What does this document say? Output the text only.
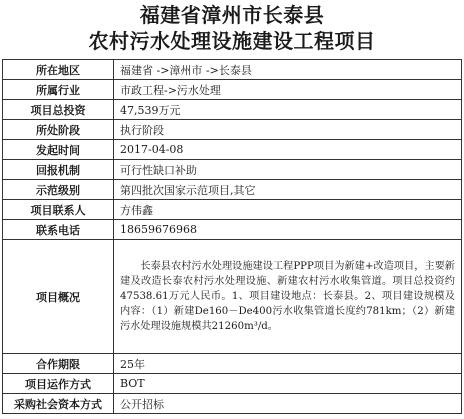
福建省漳州市长泰县
农村污水处理设施建设工程项目
所在地区	福建省 ->漳州市 ->长泰县
所属行业	市政工程->污水处理
项目总投资	47,539万元
所处阶段	执行阶段
发起时间	2017-04-08
回报机制	可行性缺口补助
示范级别	第四批次国家示范项目,其它
项目联系人	方伟鑫
联系电话	18659676968
项目概况	长泰县农村污水处理设施建设工程PPP项目为新建+改造项目，主要新建及改造长泰农村污水处理设施、新建农村污水收集管道。项目总投资约47538.61万元人民币。1、项目建设地点：长泰县。2、项目建设规模及内容：（1）新建De160－De400污水收集管道长度约781km；（2）新建污水处理设施规模共21260m³/d。
合作期限	25年
项目运作方式	BOT
采购社会资本方式	公开招标
